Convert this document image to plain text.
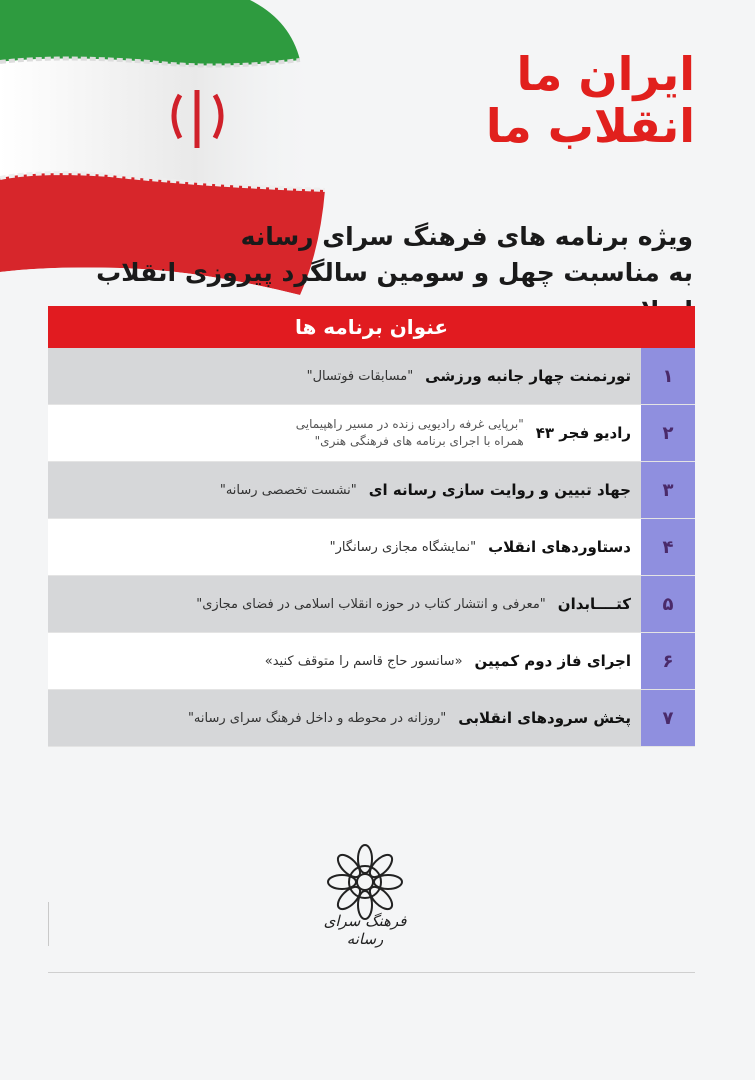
ایران ما
انقلاب ما
ویژه برنامه های فرهنگ سرای رسانه
به مناسبت چهل و سومین سالگرد پیروزی انقلاب
عنوان برنامه ها
۱
تورنمنت چهار جانبه ورزشی
"مسابقات فوتسال"
۲
رادیو فجر ۴۳
"برپایی غرفه رادیویی زنده در مسیر راهپیمایی
همراه با اجرای برنامه های فرهنگی هنری"
۳
جهاد تبیین و روایت سازی رسانه ای
"نشست تخصصی رسانه"
۴
دستاوردهای انقلاب
"نمایشگاه مجازی رسانگار"
۵
کتــــابدان
"معرفی و انتشار کتاب در حوزه انقلاب اسلامی در فضای مجازی"
۶
اجرای فاز دوم کمپین
«سانسور حاج قاسم را متوقف کنید»
۷
پخش سرودهای انقلابی
"روزانه در محوطه و داخل فرهنگ سرای رسانه"
فرهنگ سرای رسانه
